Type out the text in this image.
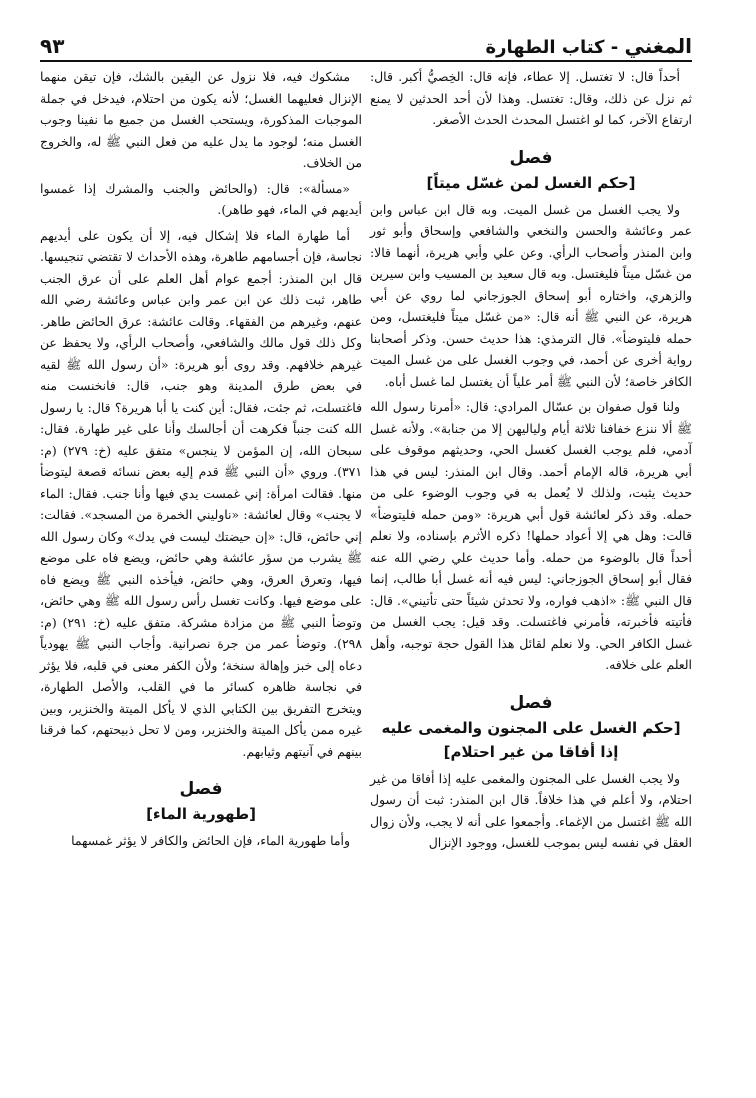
المغني - كتاب الطهارة
٩٣

أحداً قال: لا تغتسل. إلا عطاء، فإنه قال: الخِصيُّ أكبر. قال: ثم نزل عن ذلك، وقال: تغتسل. وهذا لأن أحد الحدثين لا يمنع ارتفاع الآخر، كما لو اغتسل المحدث الحدث الأصغر.

فصل
[حكم الغسل لمن غسّل ميتاً]

ولا يجب الغسل من غسل الميت. وبه قال ابن عباس وابن عمر وعائشة والحسن والنخعي والشافعي وإسحاق وأبو ثور وابن المنذر وأصحاب الرأي. وعن علي وأبي هريرة، أنهما قالا: من غسّل ميتاً فليغتسل. وبه قال سعيد بن المسيب وابن سيرين والزهري، واختاره أبو إسحاق الجوزجاني لما روي عن أبي هريرة، عن النبي ﷺ أنه قال: «من غسّل ميتاً فليغتسل، ومن حمله فليتوضأ». قال الترمذي: هذا حديث حسن. وذكر أصحابنا رواية أخرى عن أحمد، في وجوب الغسل على من غسل الميت الكافر خاصة؛ لأن النبي ﷺ أمر علياً أن يغتسل لما غسل أباه.

ولنا قول صفوان بن عسّال المرادي: قال: «أمرنا رسول الله ﷺ ألا ننزع خفافنا ثلاثة أيام ولياليهن إلا من جنابة». ولأنه غسل آدمي، فلم يوجب الغسل كغسل الحي، وحديثهم موقوف على أبي هريرة، قاله الإمام أحمد. وقال ابن المنذر: ليس في هذا حديث يثبت، ولذلك لا يُعمل به في وجوب الوضوء على من حمله. وقد ذكر لعائشة قول أبي هريرة: «ومن حمله فليتوضأ» قالت: وهل هي إلا أعواد حملها! ذكره الأثرم بإسناده، ولا نعلم أحداً قال بالوضوء من حمله. وأما حديث علي رضي الله عنه فقال أبو إسحاق الجوزجاني: ليس فيه أنه غسل أبا طالب، إنما قال النبي ﷺ: «اذهب فواره، ولا تحدثن شيئاً حتى تأتيني». قال: فأتيته فأخبرته، فأمرني فاغتسلت. وقد قيل: يجب الغسل من غسل الكافر الحي. ولا نعلم لقائل هذا القول حجة توجبه، وأهل العلم على خلافه.

فصل
[حكم الغسل على المجنون والمغمى عليه إذا أفاقا من غير احتلام]

ولا يجب الغسل على المجنون والمغمى عليه إذا أفاقا من غير احتلام، ولا أعلم في هذا خلافاً. قال ابن المنذر: ثبت أن رسول الله ﷺ اغتسل من الإغماء. وأجمعوا على أنه لا يجب، ولأن زوال العقل في نفسه ليس بموجب للغسل، ووجود الإنزال

مشكوك فيه، فلا نزول عن اليقين بالشك، فإن تيقن منهما الإنزال فعليهما الغسل؛ لأنه يكون من احتلام، فيدخل في جملة الموجبات المذكورة، ويستحب الغسل من جميع ما نفينا وجوب الغسل منه؛ لوجود ما يدل عليه من فعل النبي ﷺ له، والخروج من الخلاف.

«مسألة»: قال: (والحائض والجنب والمشرك إذا غمسوا أيديهم في الماء، فهو طاهر).

أما طهارة الماء فلا إشكال فيه، إلا أن يكون على أيديهم نجاسة، فإن أجسامهم طاهرة، وهذه الأحداث لا تقتضي تنجيسها. قال ابن المنذر: أجمع عوام أهل العلم على أن عرق الجنب طاهر، ثبت ذلك عن ابن عمر وابن عباس وعائشة رضي الله عنهم، وغيرهم من الفقهاء. وقالت عائشة: عرق الحائض طاهر. وكل ذلك قول مالك والشافعي، وأصحاب الرأي، ولا يحفظ عن غيرهم خلافهم. وقد روى أبو هريرة: «أن رسول الله ﷺ لقيه في بعض طرق المدينة وهو جنب، قال: فانخنست منه فاغتسلت، ثم جئت، فقال: أين كنت يا أبا هريرة؟ قال: يا رسول الله كنت جنباً فكرهت أن أجالسك وأنا على غير طهارة. فقال: سبحان الله، إن المؤمن لا ينجس» متفق عليه (خ: ٢٧٩) (م: ٣٧١). وروي «أن النبي ﷺ قدم إليه بعض نسائه قصعة ليتوضأ منها. فقالت امرأة: إني غمست يدي فيها وأنا جنب. فقال: الماء لا يجنب» وقال لعائشة: «ناوليني الخمرة من المسجد». فقالت: إني حائض، قال: «إن حيضتك ليست في يدك» وكان رسول الله ﷺ يشرب من سؤر عائشة وهي حائض، ويضع فاه على موضع فيها، وتعرق العرق، وهي حائض، فيأخذه النبي ﷺ ويضع فاه على موضع فيها. وكانت تغسل رأس رسول الله ﷺ وهي حائض، وتوضأ النبي ﷺ من مزادة مشركة. متفق عليه (خ: ٢٩١) (م: ٢٩٨). وتوضأ عمر من جرة نصرانية. وأجاب النبي ﷺ يهودياً دعاه إلى خبز وإهالة سنخة؛ ولأن الكفر معنى في قلبه، فلا يؤثر في نجاسة ظاهره كسائر ما في القلب، والأصل الطهارة، ويتخرج التفريق بين الكتابي الذي لا يأكل الميتة والخنزير، وبين غيره ممن يأكل الميتة والخنزير، ومن لا تحل ذبيحتهم، كما فرقنا بينهم في آنيتهم وثيابهم.

فصل
[طهورية الماء]

وأما طهورية الماء، فإن الحائض والكافر لا يؤثر غمسهما
